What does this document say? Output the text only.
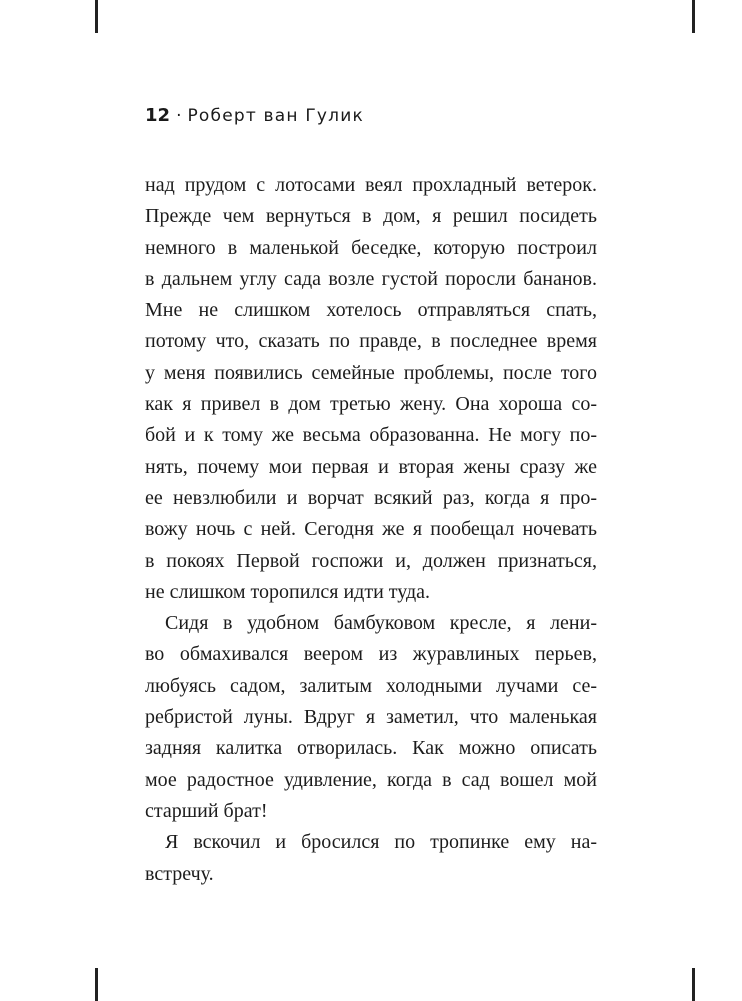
12 · Роберт ван Гулик
над прудом с лотосами веял прохладный ветерок.
Прежде чем вернуться в дом, я решил посидеть
немного в маленькой беседке, которую построил
в дальнем углу сада возле густой поросли бананов.
Мне не слишком хотелось отправляться спать,
потому что, сказать по правде, в последнее время
у меня появились семейные проблемы, после того
как я привел в дом третью жену. Она хороша со-
бой и к тому же весьма образованна. Не могу по-
нять, почему мои первая и вторая жены сразу же
ее невзлюбили и ворчат всякий раз, когда я про-
вожу ночь с ней. Сегодня же я пообещал ночевать
в покоях Первой госпожи и, должен признаться,
не слишком торопился идти туда.
Сидя в удобном бамбуковом кресле, я лени-
во обмахивался веером из журавлиных перьев,
любуясь садом, залитым холодными лучами се-
ребристой луны. Вдруг я заметил, что маленькая
задняя калитка отворилась. Как можно описать
мое радостное удивление, когда в сад вошел мой
старший брат!
Я вскочил и бросился по тропинке ему на-
встречу.
